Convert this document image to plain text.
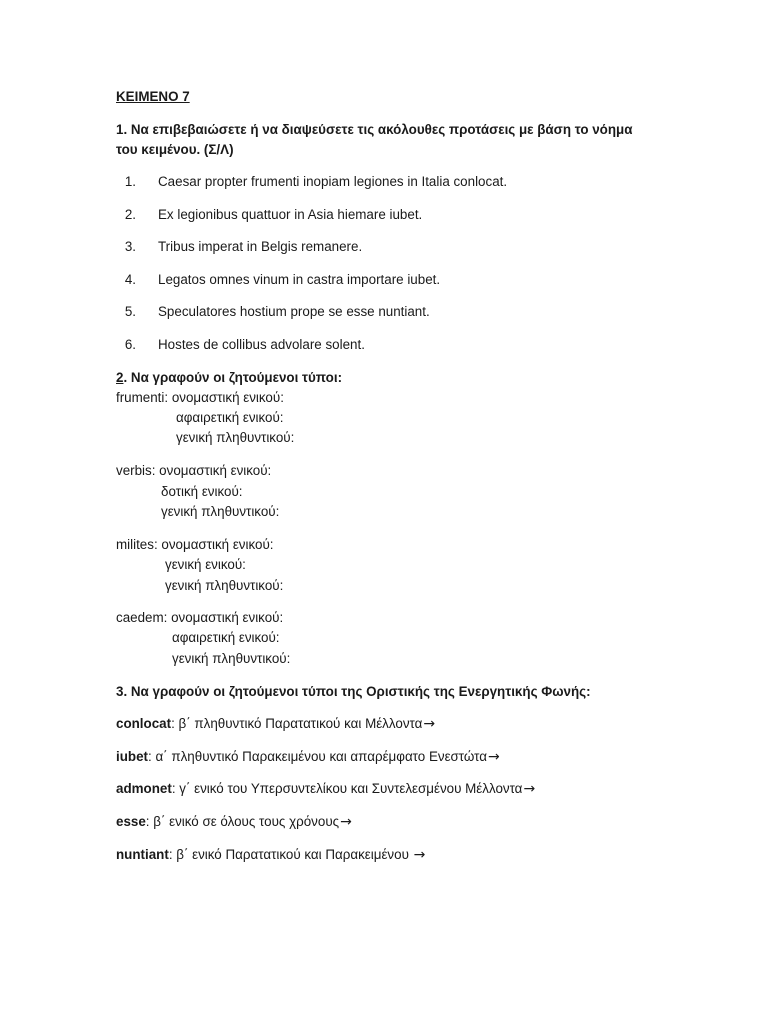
ΚΕΙΜΕΝΟ 7
1. Να επιβεβαιώσετε ή να διαψεύσετε τις ακόλουθες προτάσεις με βάση το νόημα
του κειμένου. (Σ/Λ)
1. Caesar propter frumenti inopiam legiones in Italia conlocat.
2. Ex legionibus quattuor in Asia hiemare iubet.
3. Tribus imperat in Belgis remanere.
4. Legatos omnes vinum in castra importare iubet.
5. Speculatores hostium prope se esse nuntiant.
6. Hostes de collibus advolare solent.
2. Να γραφούν οι ζητούμενοι τύποι:
frumenti: ονομαστική ενικού:
αφαιρετική ενικού:
γενική πληθυντικού:
verbis: ονομαστική ενικού:
δοτική ενικού:
γενική πληθυντικού:
milites: ονομαστική ενικού:
γενική ενικού:
γενική πληθυντικού:
caedem: ονομαστική ενικού:
αφαιρετική ενικού:
γενική πληθυντικού:
3. Να γραφούν οι ζητούμενοι τύποι της Οριστικής της Ενεργητικής Φωνής:
conlocat: β΄ πληθυντικό Παρατατικού και Μέλλοντα→
iubet: α΄ πληθυντικό Παρακειμένου και απαρέμφατο Ενεστώτα→
admonet: γ΄ ενικό του Υπερσυντελίκου και Συντελεσμένου Μέλλοντα→
esse: β΄ ενικό σε όλους τους χρόνους→
nuntiant: β΄ ενικό Παρατατικού και Παρακειμένου →
